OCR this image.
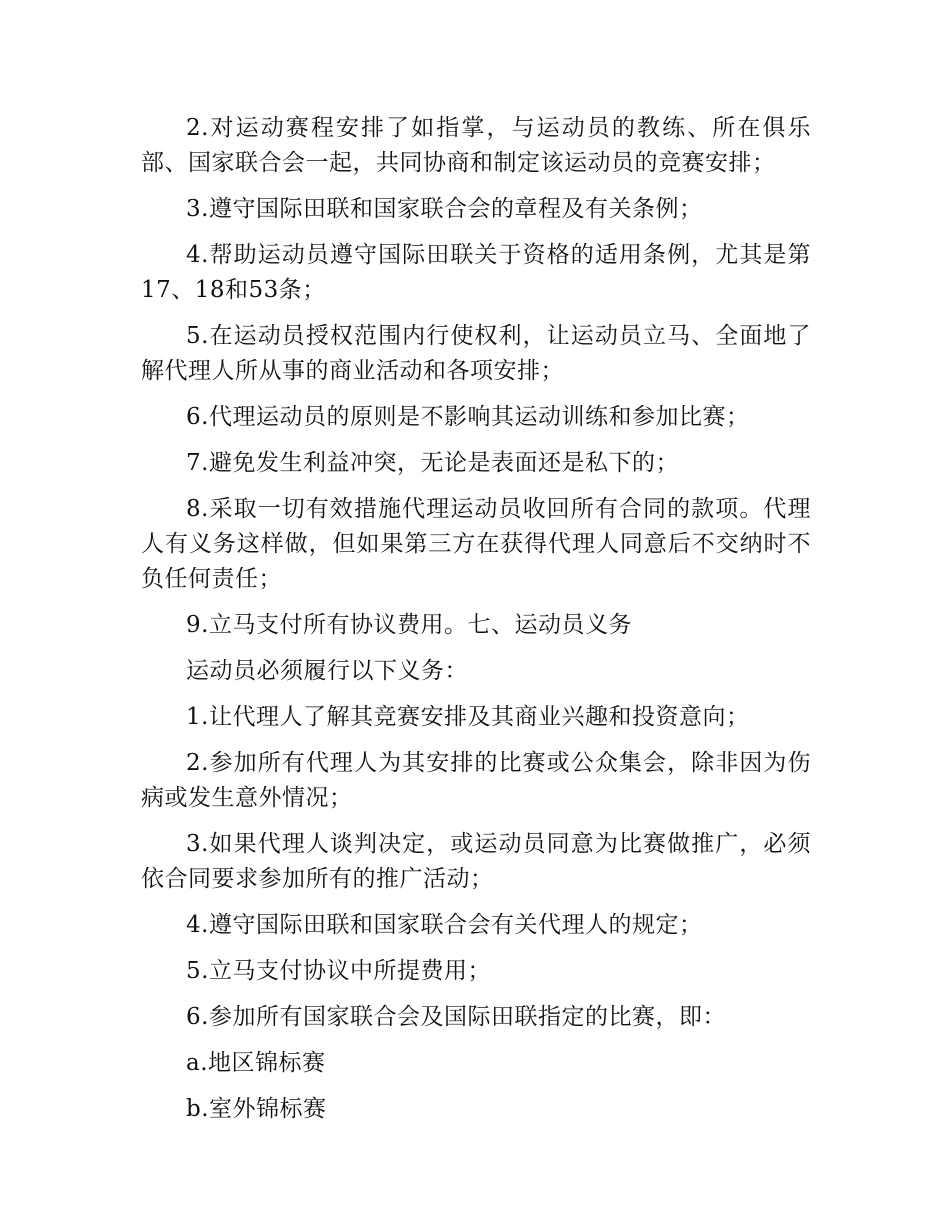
2.对运动赛程安排了如指掌，与运动员的教练、所在俱乐部、国家联合会一起，共同协商和制定该运动员的竞赛安排；

3.遵守国际田联和国家联合会的章程及有关条例；

4.帮助运动员遵守国际田联关于资格的适用条例，尤其是第17、18和53条；

5.在运动员授权范围内行使权利，让运动员立马、全面地了解代理人所从事的商业活动和各项安排；

6.代理运动员的原则是不影响其运动训练和参加比赛；

7.避免发生利益冲突，无论是表面还是私下的；

8.采取一切有效措施代理运动员收回所有合同的款项。代理人有义务这样做，但如果第三方在获得代理人同意后不交纳时不负任何责任；

9.立马支付所有协议费用。七、运动员义务

运动员必须履行以下义务：

1.让代理人了解其竞赛安排及其商业兴趣和投资意向；

2.参加所有代理人为其安排的比赛或公众集会，除非因为伤病或发生意外情况；

3.如果代理人谈判决定，或运动员同意为比赛做推广，必须依合同要求参加所有的推广活动；

4.遵守国际田联和国家联合会有关代理人的规定；

5.立马支付协议中所提费用；

6.参加所有国家联合会及国际田联指定的比赛，即：

a.地区锦标赛

b.室外锦标赛
